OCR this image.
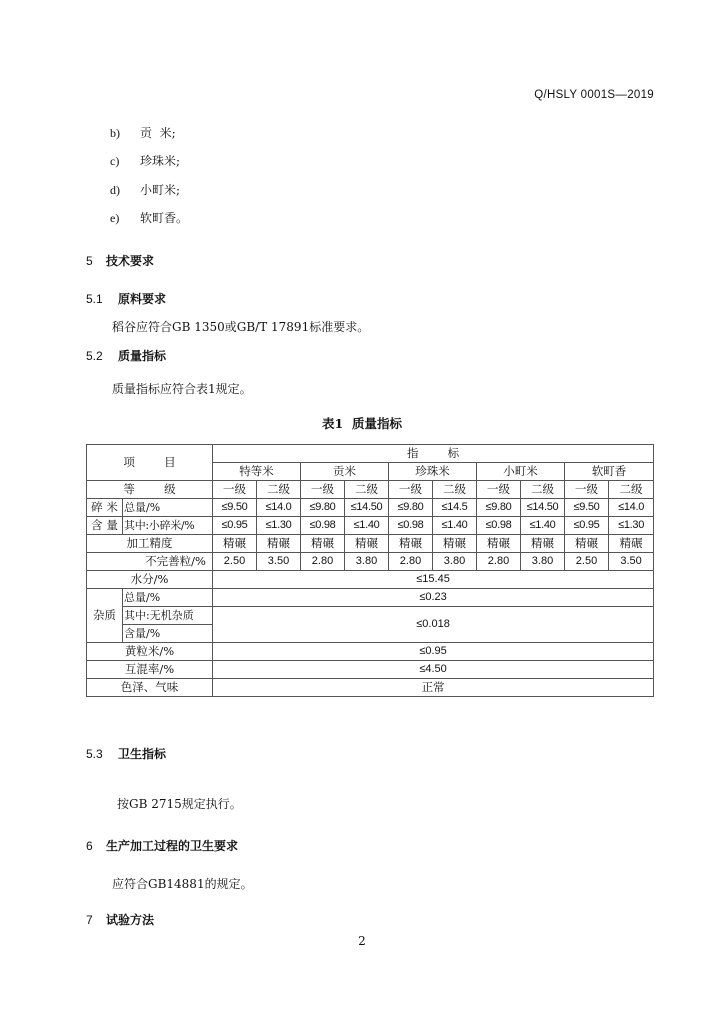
Q/HSLY 0001S—2019
b) 贡  米;
c) 珍珠米;
d) 小町米;
e) 软町香。
5 技术要求
5.1 原料要求
稻谷应符合GB 1350或GB/T 17891标准要求。
5.2 质量指标
质量指标应符合表1规定。
表1  质量指标
项        目		指        标									
		特等米		贡米		珍珠米		小町米		软町香	
等        级		一级	二级	一级	二级	一级	二级	一级	二级	一级	二级
碎 米	总量/%	≤9.50	≤14.0	≤9.80	≤14.50	≤9.80	≤14.5	≤9.80	≤14.50	≤9.50	≤14.0
含 量	其中:小碎米/%	≤0.95	≤1.30	≤0.98	≤1.40	≤0.98	≤1.40	≤0.98	≤1.40	≤0.95	≤1.30
加工精度		精碾	精碾	精碾	精碾	精碾	精碾	精碾	精碾	精碾	精碾
不完善粒/%		2.50	3.50	2.80	3.80	2.80	3.80	2.80	3.80	2.50	3.50
水分/%		≤15.45									
杂质	总量/%	≤0.23									
	其中:无机杂质	≤0.018									
	含量/%										
黄粒米/%		≤0.95									
互混率/%		≤4.50									
色泽、气味		正常									
5.3 卫生指标
按GB 2715规定执行。
6 生产加工过程的卫生要求
应符合GB14881的规定。
7 试验方法
2
